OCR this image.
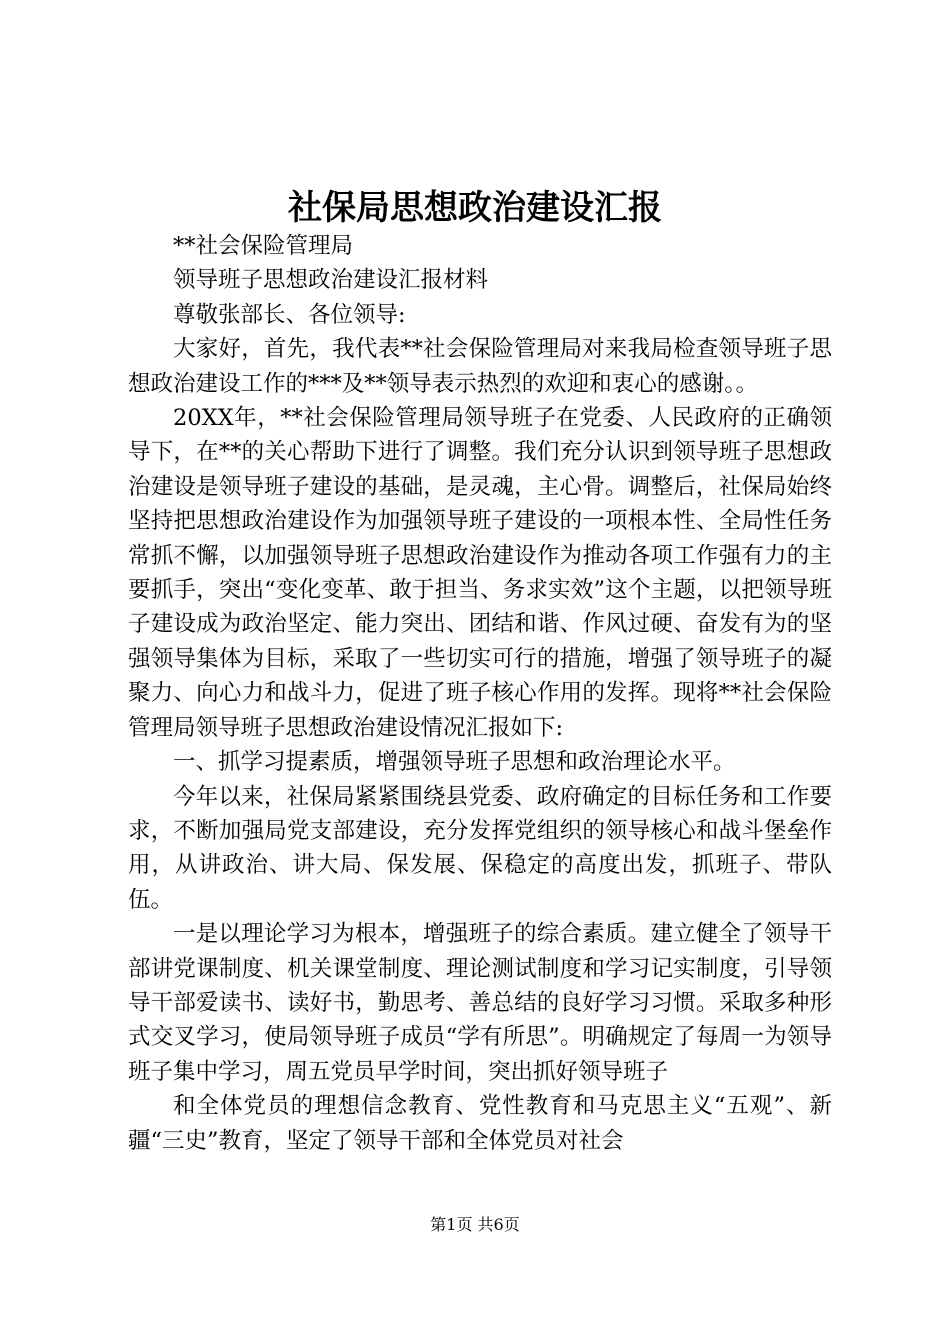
社保局思想政治建设汇报

**社会保险管理局

领导班子思想政治建设汇报材料

尊敬张部长、各位领导:

大家好，首先，我代表**社会保险管理局对来我局检查领导班子思想政治建设工作的***及**领导表示热烈的欢迎和衷心的感谢。。

20XX年，**社会保险管理局领导班子在党委、人民政府的正确领导下，在**的关心帮助下进行了调整。我们充分认识到领导班子思想政治建设是领导班子建设的基础，是灵魂，主心骨。调整后，社保局始终坚持把思想政治建设作为加强领导班子建设的一项根本性、全局性任务常抓不懈，以加强领导班子思想政治建设作为推动各项工作强有力的主要抓手，突出“变化变革、敢于担当、务求实效”这个主题，以把领导班子建设成为政治坚定、能力突出、团结和谐、作风过硬、奋发有为的坚强领导集体为目标，采取了一些切实可行的措施，增强了领导班子的凝聚力、向心力和战斗力，促进了班子核心作用的发挥。现将**社会保险管理局领导班子思想政治建设情况汇报如下:

一、抓学习提素质，增强领导班子思想和政治理论水平。

今年以来，社保局紧紧围绕县党委、政府确定的目标任务和工作要求，不断加强局党支部建设，充分发挥党组织的领导核心和战斗堡垒作用，从讲政治、讲大局、保发展、保稳定的高度出发，抓班子、带队伍。

一是以理论学习为根本，增强班子的综合素质。建立健全了领导干部讲党课制度、机关课堂制度、理论测试制度和学习记实制度，引导领导干部爱读书、读好书，勤思考、善总结的良好学习习惯。采取多种形式交叉学习，使局领导班子成员“学有所思”。明确规定了每周一为领导班子集中学习，周五党员早学时间，突出抓好领导班子

和全体党员的理想信念教育、党性教育和马克思主义“五观”、新疆“三史”教育，坚定了领导干部和全体党员对社会

第1页 共6页
